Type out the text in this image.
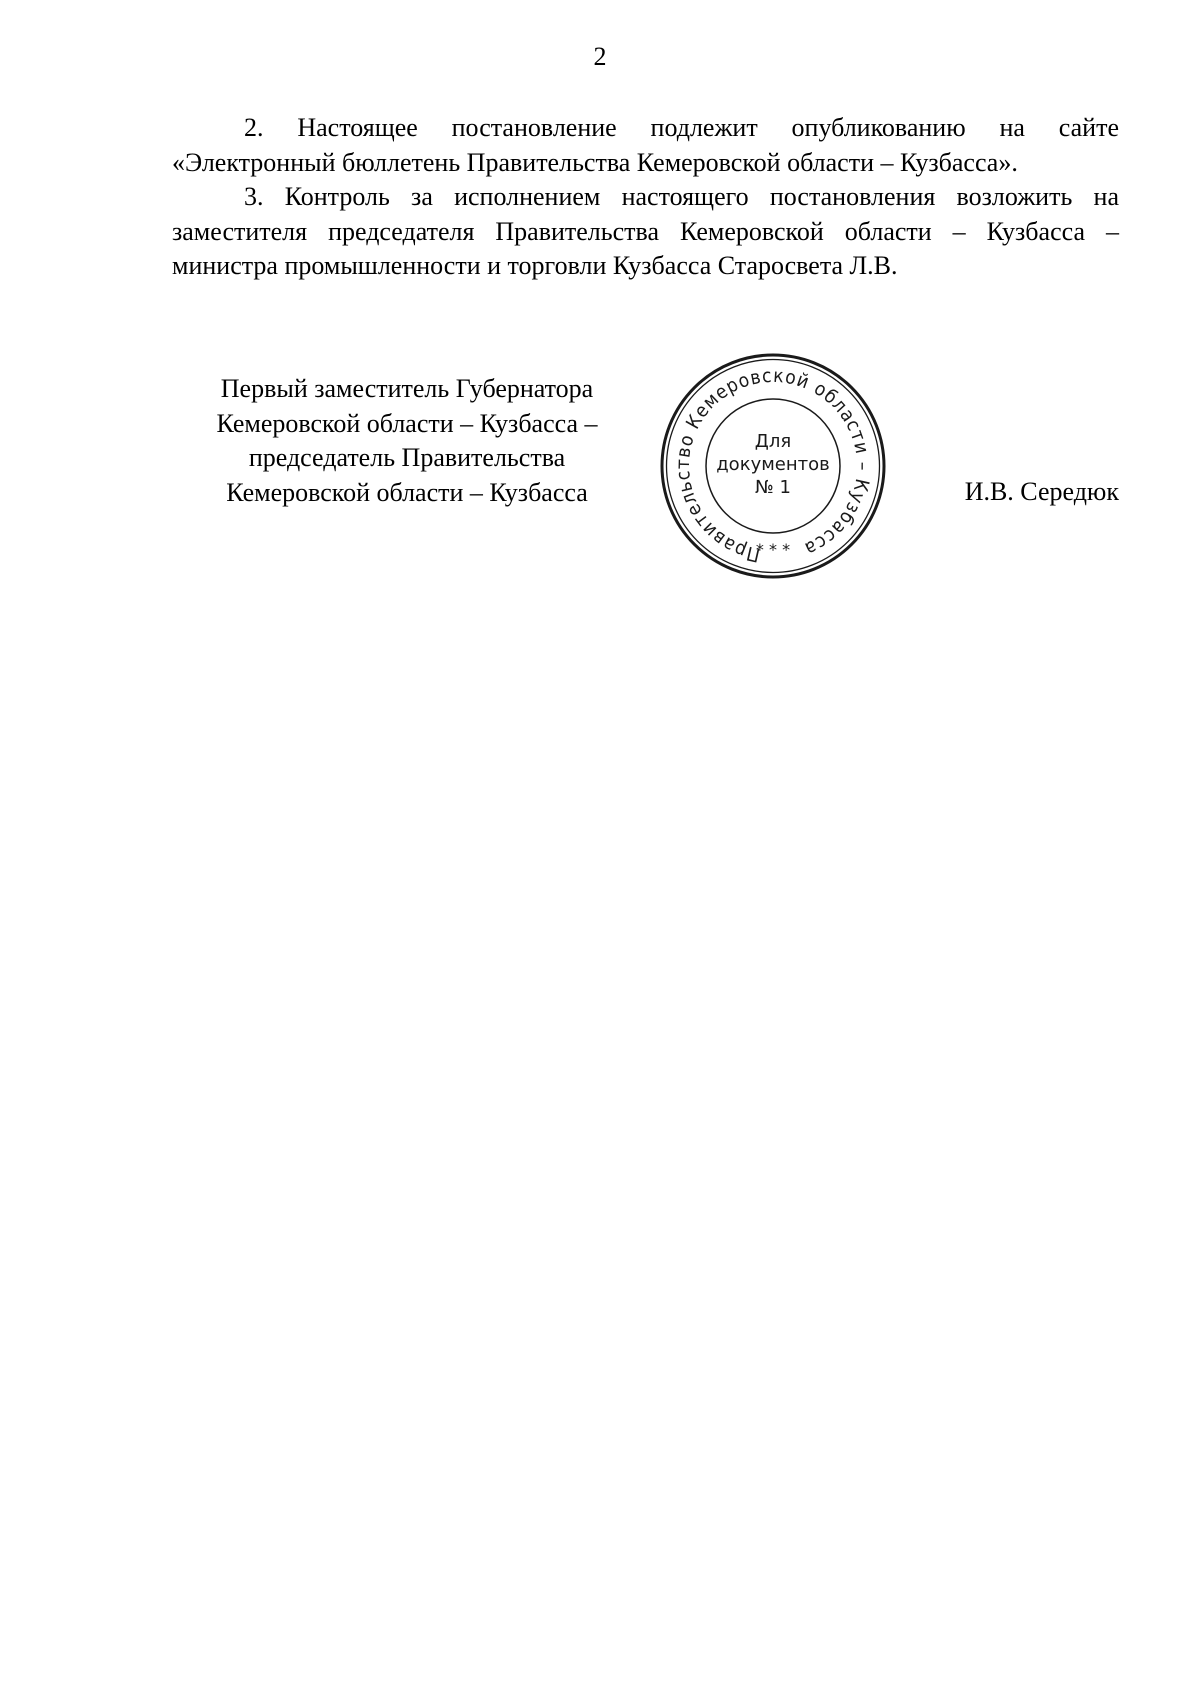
2

2. Настоящее постановление подлежит опубликованию на сайте «Электронный бюллетень Правительства Кемеровской области – Кузбасса».

3. Контроль за исполнением настоящего постановления возложить на заместителя председателя Правительства Кемеровской области – Кузбасса – министра промышленности и торговли Кузбасса Старосвета Л.В.

Первый заместитель Губернатора
Кемеровской области – Кузбасса –
председатель Правительства
Кемеровской области – Кузбасса
Правительство Кемеровской области – Кузбасса
* * *
Для
документов
№ 1	И.В. Середюк
